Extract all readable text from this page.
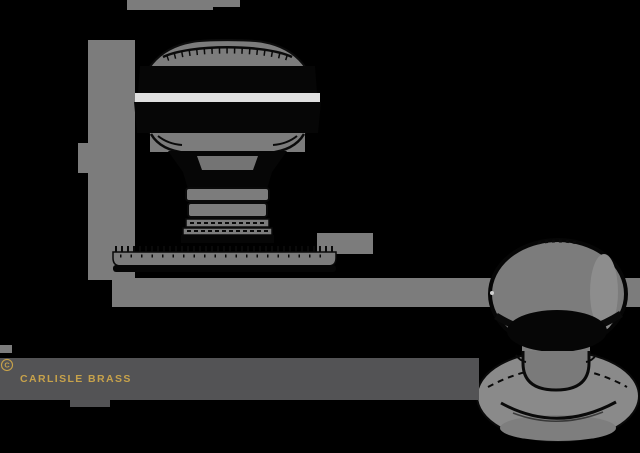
C
CARLISLE BRASS
